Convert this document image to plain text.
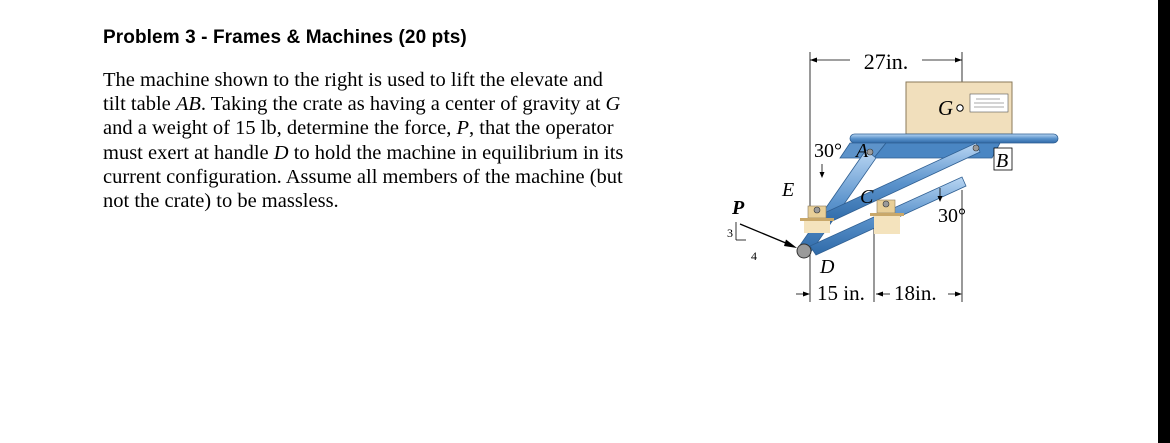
Problem 3 - Frames & Machines (20 pts)
The machine shown to the right is used to lift the elevate and
tilt table AB. Taking the crate as having a center of gravity at G
and a weight of 15 lb, determine the force, P, that the operator
must exert at handle D to hold the machine in equilibrium in its
current configuration. Assume all members of the machine (but
not the crate) to be massless.
27in.
G
30° A
30°
B
E	C
D
P
3
4
15 in. 18in.
